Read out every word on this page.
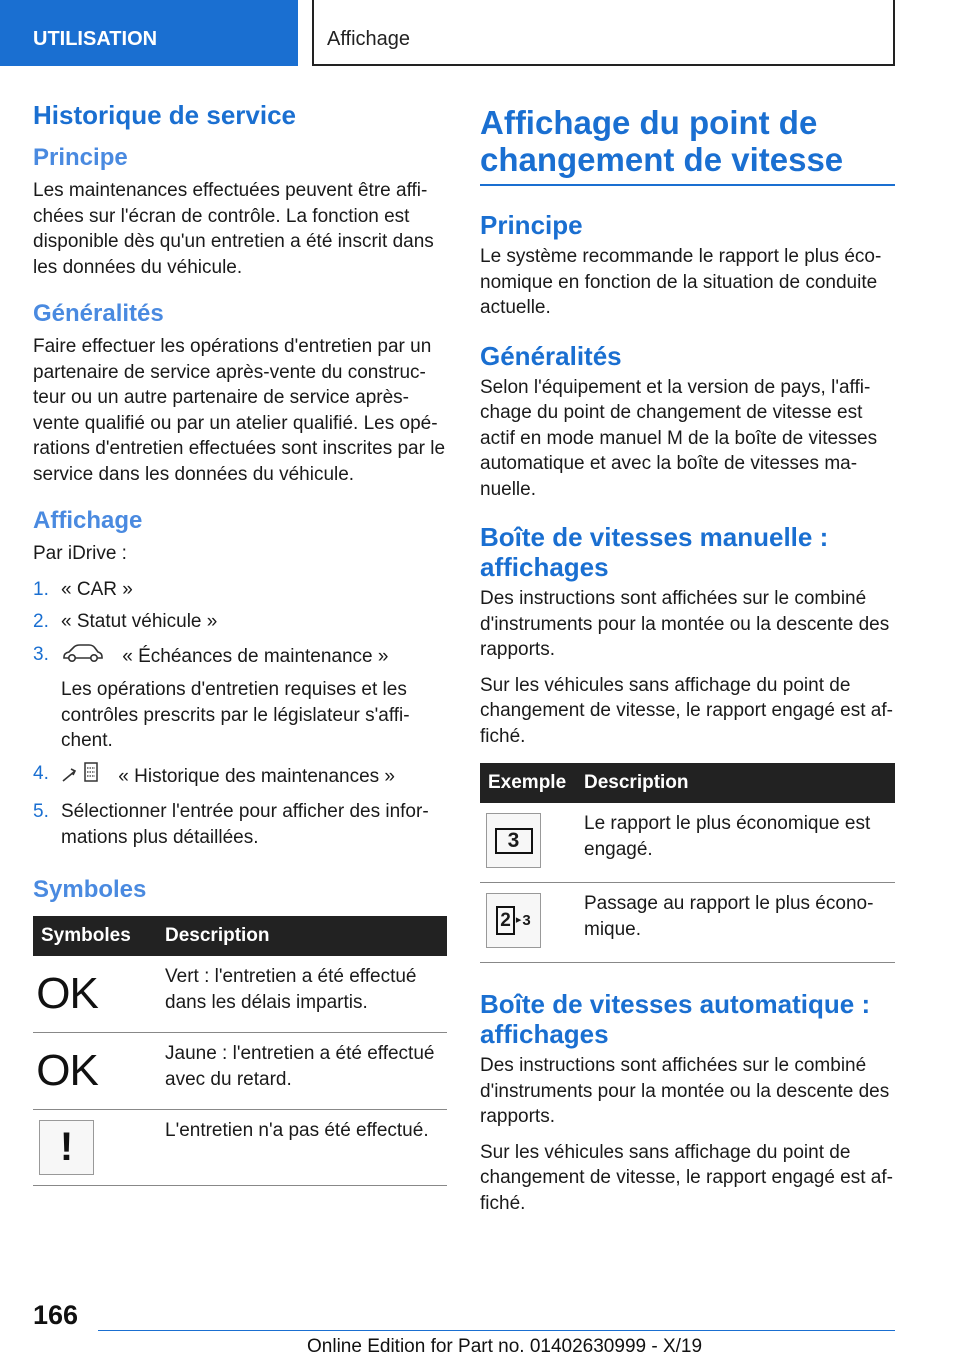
UTILISATION	Affichage
Historique de service
Principe

Les maintenances effectuées peuvent être affichées sur l'écran de contrôle. La fonction est disponible dès qu'un entretien a été inscrit dans les données du véhicule.

Généralités

Faire effectuer les opérations d'entretien par un partenaire de service après-vente du constructeur ou un autre partenaire de service après-vente qualifié ou par un atelier qualifié. Les opérations d'entretien effectuées sont inscrites par le service dans les données du véhicule.

Affichage

Par iDrive :

1. « CAR »
2. « Statut véhicule »
3.	« Échéances de maintenance »
Les opérations d'entretien requises et les contrôles prescrits par le législateur s'affichent.
4.	« Historique des maintenances »
5. Sélectionner l'entrée pour afficher des informations plus détaillées.
Symboles
Symboles	Description

OK	Vert : l'entretien a été effectué dans les délais impartis.

OK	Jaune : l'entretien a été effectué avec du retard.

!	L'entretien n'a pas été effectué.
Affichage du point de changement de vitesse
Principe

Le système recommande le rapport le plus économique en fonction de la situation de conduite actuelle.

Généralités

Selon l'équipement et la version de pays, l'affichage du point de changement de vitesse est actif en mode manuel M de la boîte de vitesses automatique et avec la boîte de vitesses manuelle.

Boîte de vitesses manuelle : affichages

Des instructions sont affichées sur le combiné d'instruments pour la montée ou la descente des rapports.

Sur les véhicules sans affichage du point de changement de vitesse, le rapport engagé est affiché.

Exemple	Description

3	Le rapport le plus économique est engagé.

2 ▸ 3	Passage au rapport le plus économique.
Boîte de vitesses automatique : affichages

Des instructions sont affichées sur le combiné d'instruments pour la montée ou la descente des rapports.

Sur les véhicules sans affichage du point de changement de vitesse, le rapport engagé est affiché.

166
Online Edition for Part no. 01402630999 - X/19
